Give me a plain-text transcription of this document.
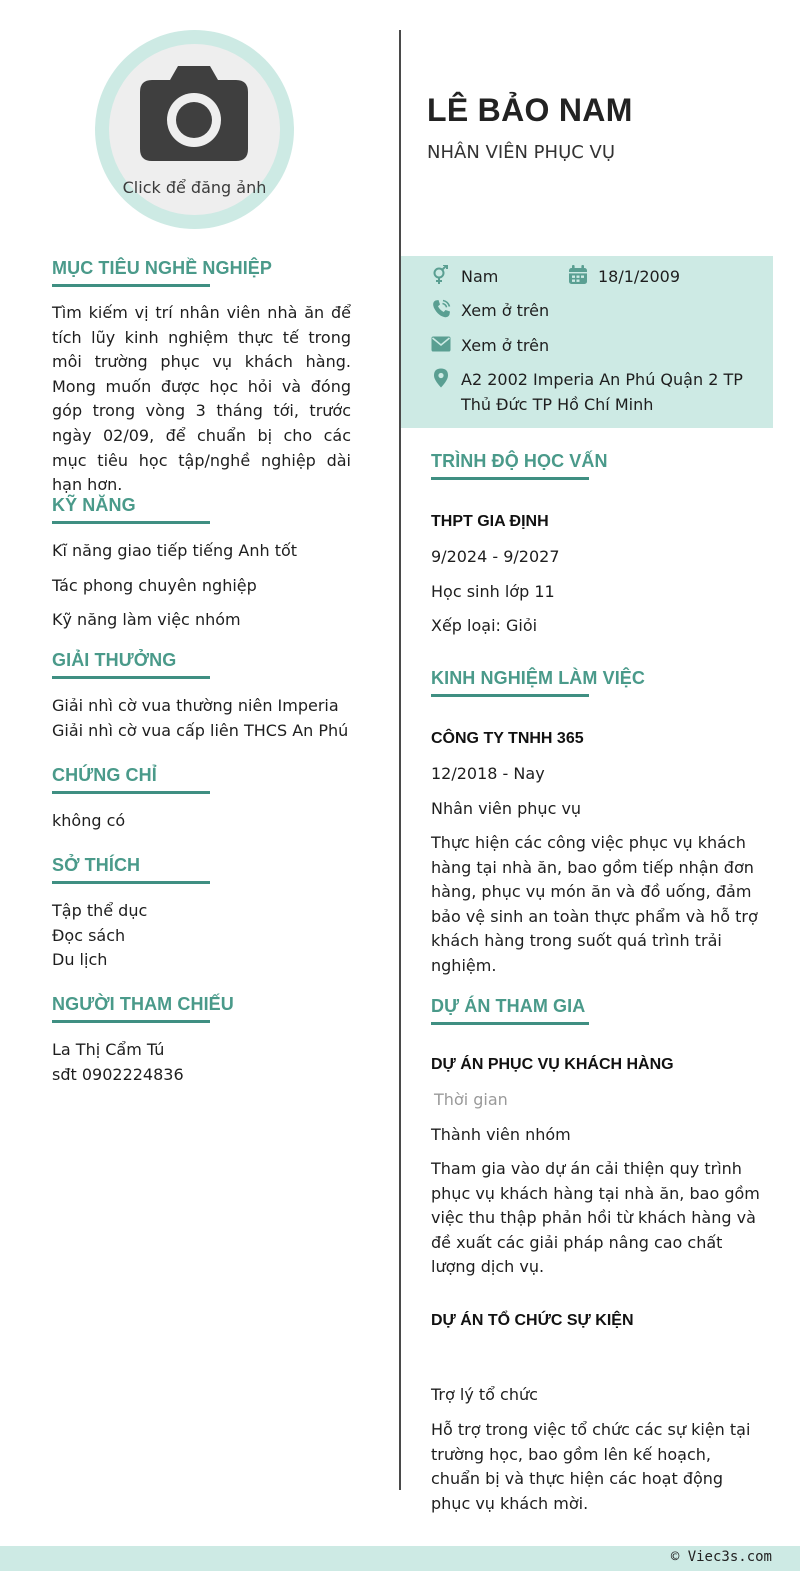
Click để đăng ảnh
MỤC TIÊU NGHỀ NGHIỆP
Tìm kiếm vị trí nhân viên nhà ăn để tích lũy kinh nghiệm thực tế trong môi trường phục vụ khách hàng. Mong muốn được học hỏi và đóng góp trong vòng 3 tháng tới, trước ngày 02/09, để chuẩn bị cho các mục tiêu học tập/nghề nghiệp dài hạn hơn.
KỸ NĂNG
Kĩ năng giao tiếp tiếng Anh tốt
Tác phong chuyên nghiệp
Kỹ năng làm việc nhóm
GIẢI THƯỞNG
Giải nhì cờ vua thường niên Imperia
Giải nhì cờ vua cấp liên THCS An Phú
CHỨNG CHỈ
không có
SỞ THÍCH
Tập thể dục
Đọc sách
Du lịch
NGƯỜI THAM CHIẾU
La Thị Cẩm Tú
sđt 0902224836
LÊ BẢO NAM
NHÂN VIÊN PHỤC VỤ
Nam	18/1/2009
Xem ở trên
Xem ở trên
A2 2002 Imperia An Phú Quận 2 TP
Thủ Đức TP Hồ Chí Minh
TRÌNH ĐỘ HỌC VẤN
THPT GIA ĐỊNH
9/2024 - 9/2027
Học sinh lớp 11
Xếp loại: Giỏi
KINH NGHIỆM LÀM VIỆC
CÔNG TY TNHH 365
12/2018 - Nay
Nhân viên phục vụ
Thực hiện các công việc phục vụ khách hàng tại nhà ăn, bao gồm tiếp nhận đơn hàng, phục vụ món ăn và đồ uống, đảm bảo vệ sinh an toàn thực phẩm và hỗ trợ khách hàng trong suốt quá trình trải nghiệm.
DỰ ÁN THAM GIA
DỰ ÁN PHỤC VỤ KHÁCH HÀNG
Thời gian
Thành viên nhóm
Tham gia vào dự án cải thiện quy trình phục vụ khách hàng tại nhà ăn, bao gồm việc thu thập phản hồi từ khách hàng và đề xuất các giải pháp nâng cao chất lượng dịch vụ.
DỰ ÁN TỔ CHỨC SỰ KIỆN
Trợ lý tổ chức
Hỗ trợ trong việc tổ chức các sự kiện tại trường học, bao gồm lên kế hoạch, chuẩn bị và thực hiện các hoạt động phục vụ khách mời.
© Viec3s.com
